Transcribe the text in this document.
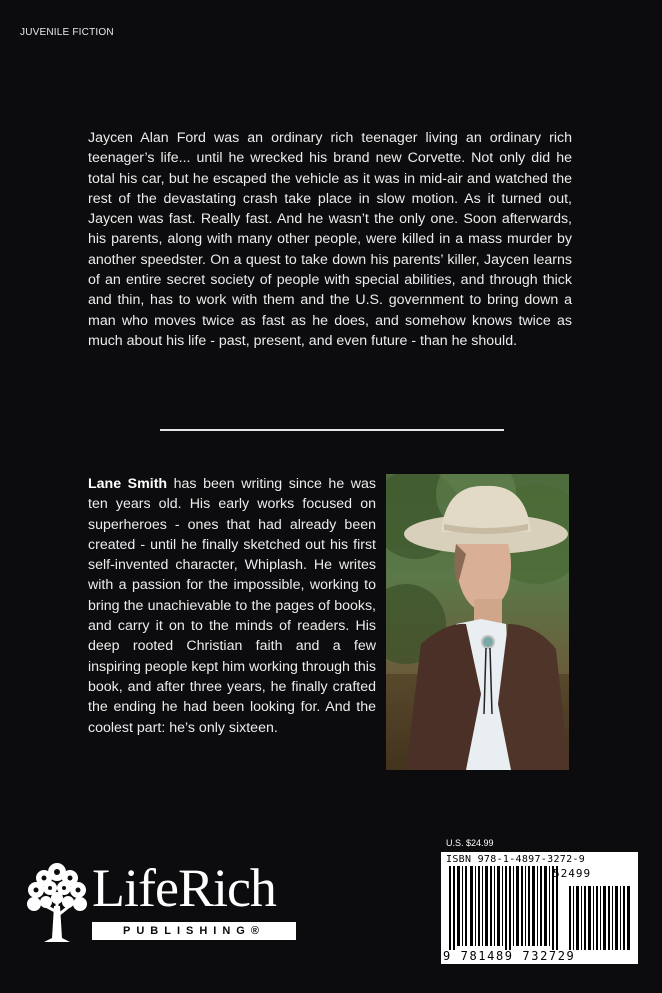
JUVENILE FICTION

Jaycen Alan Ford was an ordinary rich teenager living an ordinary rich teenager’s life... until he wrecked his brand new Corvette. Not only did he total his car, but he escaped the vehicle as it was in mid-air and watched the rest of the devastating crash take place in slow motion. As it turned out, Jaycen was fast. Really fast. And he wasn’t the only one. Soon afterwards, his parents, along with many other people, were killed in a mass murder by another speedster. On a quest to take down his parents’ killer, Jaycen learns of an entire secret society of people with special abilities, and through thick and thin, has to work with them and the U.S. government to bring down a man who moves twice as fast as he does, and somehow knows twice as much about his life - past, present, and even future - than he should.

Lane Smith has been writing since he was ten years old. His early works focused on superheroes - ones that had already been created - until he finally sketched out his first self-invented character, Whiplash. He writes with a passion for the impossible, working to bring the unachievable to the pages of books, and carry it on to the minds of readers. His deep rooted Christian faith and a few inspiring people kept him working through this book, and after three years, he finally crafted the ending he had been looking for. And the coolest part: he’s only sixteen.

U.S. $24.99
ISBN 978-1-4897-3272-9
52499
9 781489 732729
LifeRich
PUBLISHING®
